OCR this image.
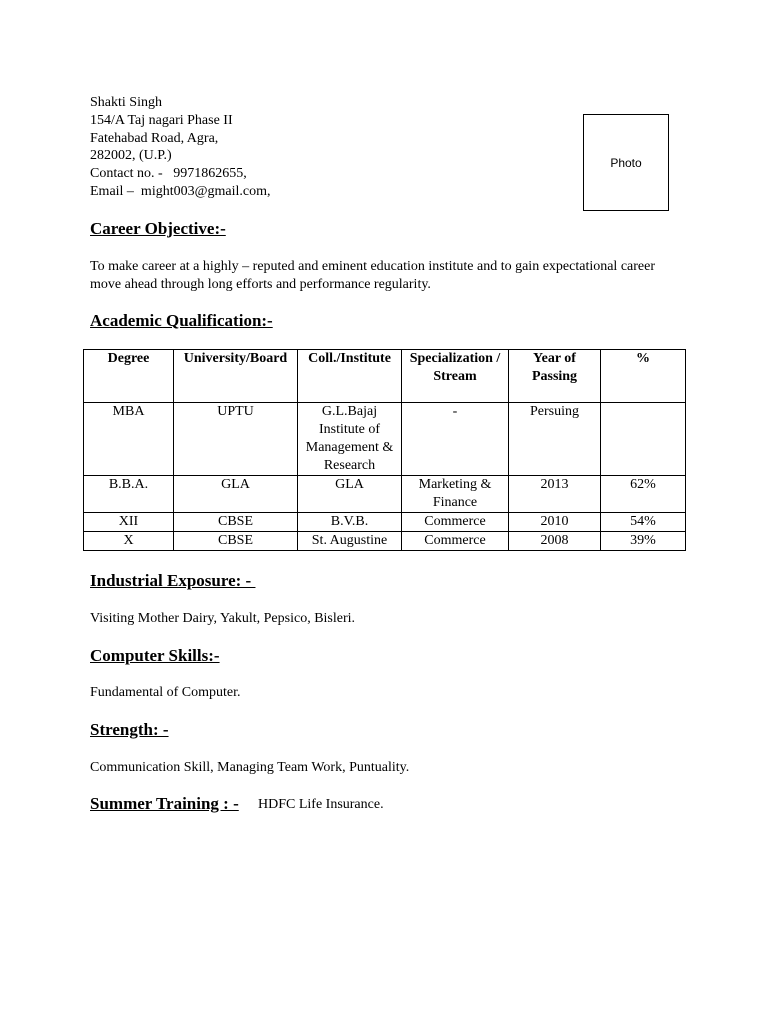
Shakti Singh
154/A Taj nagari Phase II
Fatehabad Road, Agra,
282002, (U.P.)
Contact no. -   9971862655,
Email –  might003@gmail.com,
Photo
Career Objective:-
To make career at a highly – reputed and eminent education institute and to gain expectational career move ahead through long efforts and performance regularity.
Academic Qualification:-
Degree	University/Board	Coll./Institute	Specialization / Stream	Year of Passing	%
MBA	UPTU	G.L.Bajaj Institute of Management & Research	-	Persuing	
B.B.A.	GLA	GLA	Marketing & Finance	2013	62%
XII	CBSE	B.V.B.	Commerce	2010	54%
X	CBSE	St. Augustine	Commerce	2008	39%
Industrial Exposure: -
Visiting Mother Dairy, Yakult, Pepsico, Bisleri.
Computer Skills:-
Fundamental of Computer.
Strength: -
Communication Skill, Managing Team Work, Puntuality.
Summer Training : - HDFC Life Insurance.
